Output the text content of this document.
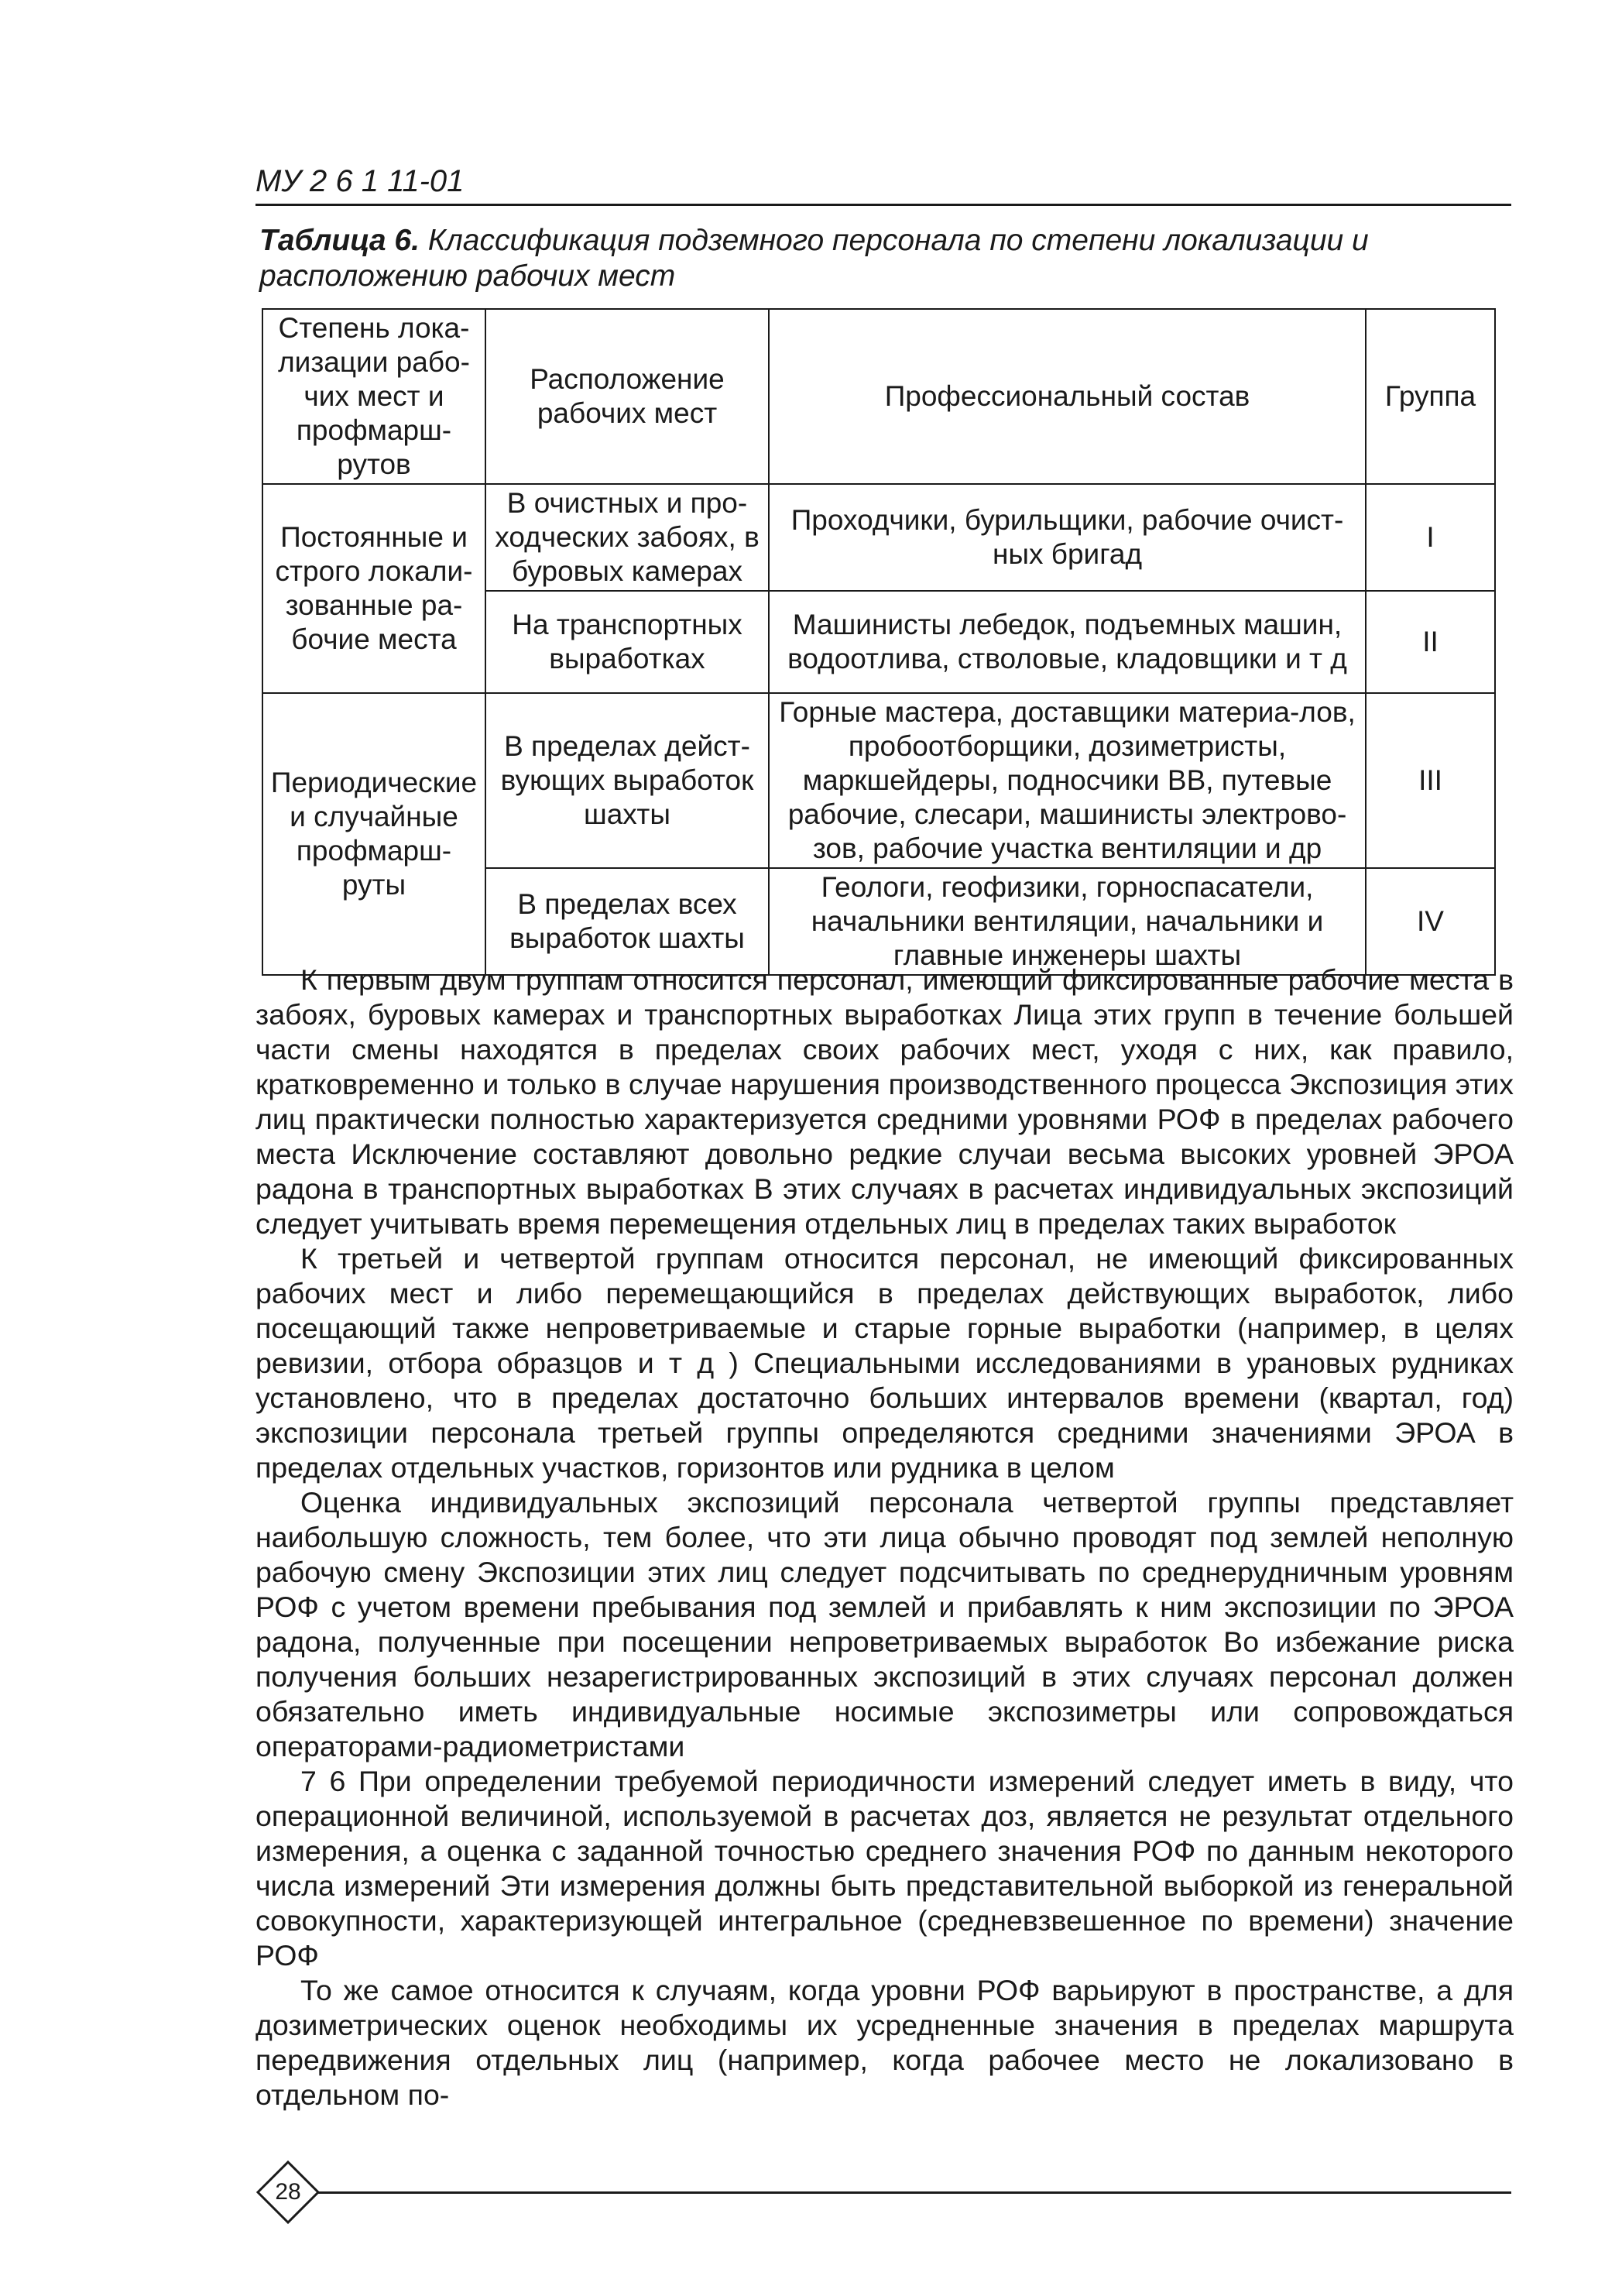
МУ 2 6 1 11-01
Таблица 6. Классификация подземного персонала по степени локализации и расположению рабочих мест
Степень лока-лизации рабо-чих мест и профмарш-рутов	Расположение рабочих мест	Профессиональный состав	Группа
Постоянные и строго локали-зованные ра-бочие места	В очистных и про-ходческих забоях, в буровых камерах	Проходчики, бурильщики, рабочие очист-ных бригад	I
	На транспортных выработках	Машинисты лебедок, подъемных машин, водоотлива, стволовые, кладовщики и т д	II
Периодические и случайные профмарш-руты	В пределах дейст-вующих выработок шахты	Горные мастера, доставщики материа-лов, пробоотборщики, дозиметристы, маркшейдеры, подносчики ВВ, путевые рабочие, слесари, машинисты электрово-зов, рабочие участка вентиляции и др	III
	В пределах всех выработок шахты	Геологи, геофизики, горноспасатели, начальники вентиляции, начальники и главные инженеры шахты	IV

К первым двум группам относится персонал, имеющий фиксированные рабочие места в забоях, буровых камерах и транспортных выработках Лица этих групп в течение большей части смены находятся в пределах своих рабочих мест, уходя с них, как правило, кратковременно и только в случае нарушения производственного процесса Экспозиция этих лиц практически полностью характеризуется средними уровнями РОФ в пределах рабочего места Исключение составляют довольно редкие случаи весьма высоких уровней ЭРОА радона в транспортных выработках В этих случаях в расчетах индивидуальных экспозиций следует учитывать время перемещения отдельных лиц в пределах таких выработок

К третьей и четвертой группам относится персонал, не имеющий фиксированных рабочих мест и либо перемещающийся в пределах действующих выработок, либо посещающий также непроветриваемые и старые горные выработки (например, в целях ревизии, отбора образцов и т д ) Специальными исследованиями в урановых рудниках установлено, что в пределах достаточно больших интервалов времени (квартал, год) экспозиции персонала третьей группы определяются средними значениями ЭРОА в пределах отдельных участков, горизонтов или рудника в целом

Оценка индивидуальных экспозиций персонала четвертой группы представляет наибольшую сложность, тем более, что эти лица обычно проводят под землей неполную рабочую смену Экспозиции этих лиц следует подсчитывать по среднерудничным уровням РОФ с учетом времени пребывания под землей и прибавлять к ним экспозиции по ЭРОА радона, полученные при посещении непроветриваемых выработок Во избежание риска получения больших незарегистрированных экспозиций в этих случаях персонал должен обязательно иметь индивидуальные носимые экспозиметры или сопровождаться операторами-радиометристами

7 6 При определении требуемой периодичности измерений следует иметь в виду, что операционной величиной, используемой в расчетах доз, является не результат отдельного измерения, а оценка с заданной точностью среднего значения РОФ по данным некоторого числа измерений Эти измерения должны быть представительной выборкой из генеральной совокупности, характеризующей интегральное (средневзвешенное по времени) значение РОФ

То же самое относится к случаям, когда уровни РОФ варьируют в пространстве, а для дозиметрических оценок необходимы их усредненные значения в пределах маршрута передвижения отдельных лиц (например, когда рабочее место не локализовано в отдельном по-

28
